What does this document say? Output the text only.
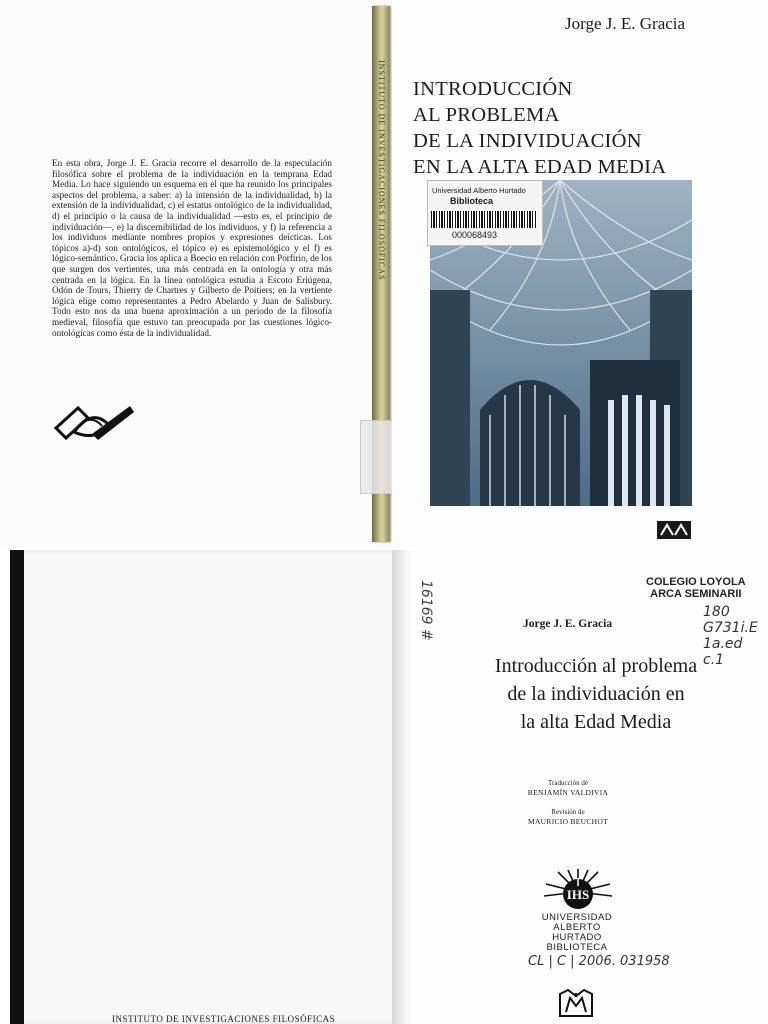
En esta obra, Jorge J. E. Gracia recorre el desarrollo de la especulación filosófica sobre el problema de la individuación en la temprana Edad Media. Lo hace siguiendo un esquema en el que ha reunido los principales aspectos del problema, a saber: a) la intensión de la individualidad, b) la extensión de la individualidad, c) el estatus ontológico de la individualidad, d) el principio o la causa de la individualidad —esto es, el principio de individuación—, e) la discernibilidad de los individuos, y f) la referencia a los individuos mediante nombres propios y expresiones deícticas. Los tópicos a)-d) son ontológicos, el tópico e) es epistemológico y el f) es lógico-semántico. Gracia los aplica a Boecio en relación con Porfirio, de los que surgen dos vertientes, una más centrada en la ontología y otra más centrada en la lógica. En la línea ontológica estudia a Escoto Eriúgena, Odón de Tours, Thierry de Chartres y Gilberto de Poitiers; en la vertiente lógica elige como representantes a Pedro Abelardo y Juan de Salisbury. Todo esto nos da una buena aproximación a un periodo de la filosofía medieval, filosofía que estuvo tan preocupada por las cuestiones lógico-ontológicas como ésta de la individualidad.

INSTITUTO DE INVESTIGACIONES FILOSÓFICAS
Jorge J. E. Gracia
INTRODUCCIÓN
AL PROBLEMA
DE LA INDIVIDUACIÓN
EN LA ALTA EDAD MEDIA
Universidad Alberto Hurtado
Biblioteca
000068493
INSTITUTO DE INVESTIGACIONES FILOSÓFICAS
16169 #	COLEGIO LOYOLA
ARCA SEMINARII
180
G731i.E
1a.ed
c.1
Jorge J. E. Gracia
Introducción al problema
de la individuación en
la alta Edad Media
Traducción de
BENJAMÍN VALDIVIA
Revisión de
MAURICIO BEUCHOT
IHS
UNIVERSIDAD
ALBERTO
HURTADO
BIBLIOTECA
CL | C | 2006. 031958
